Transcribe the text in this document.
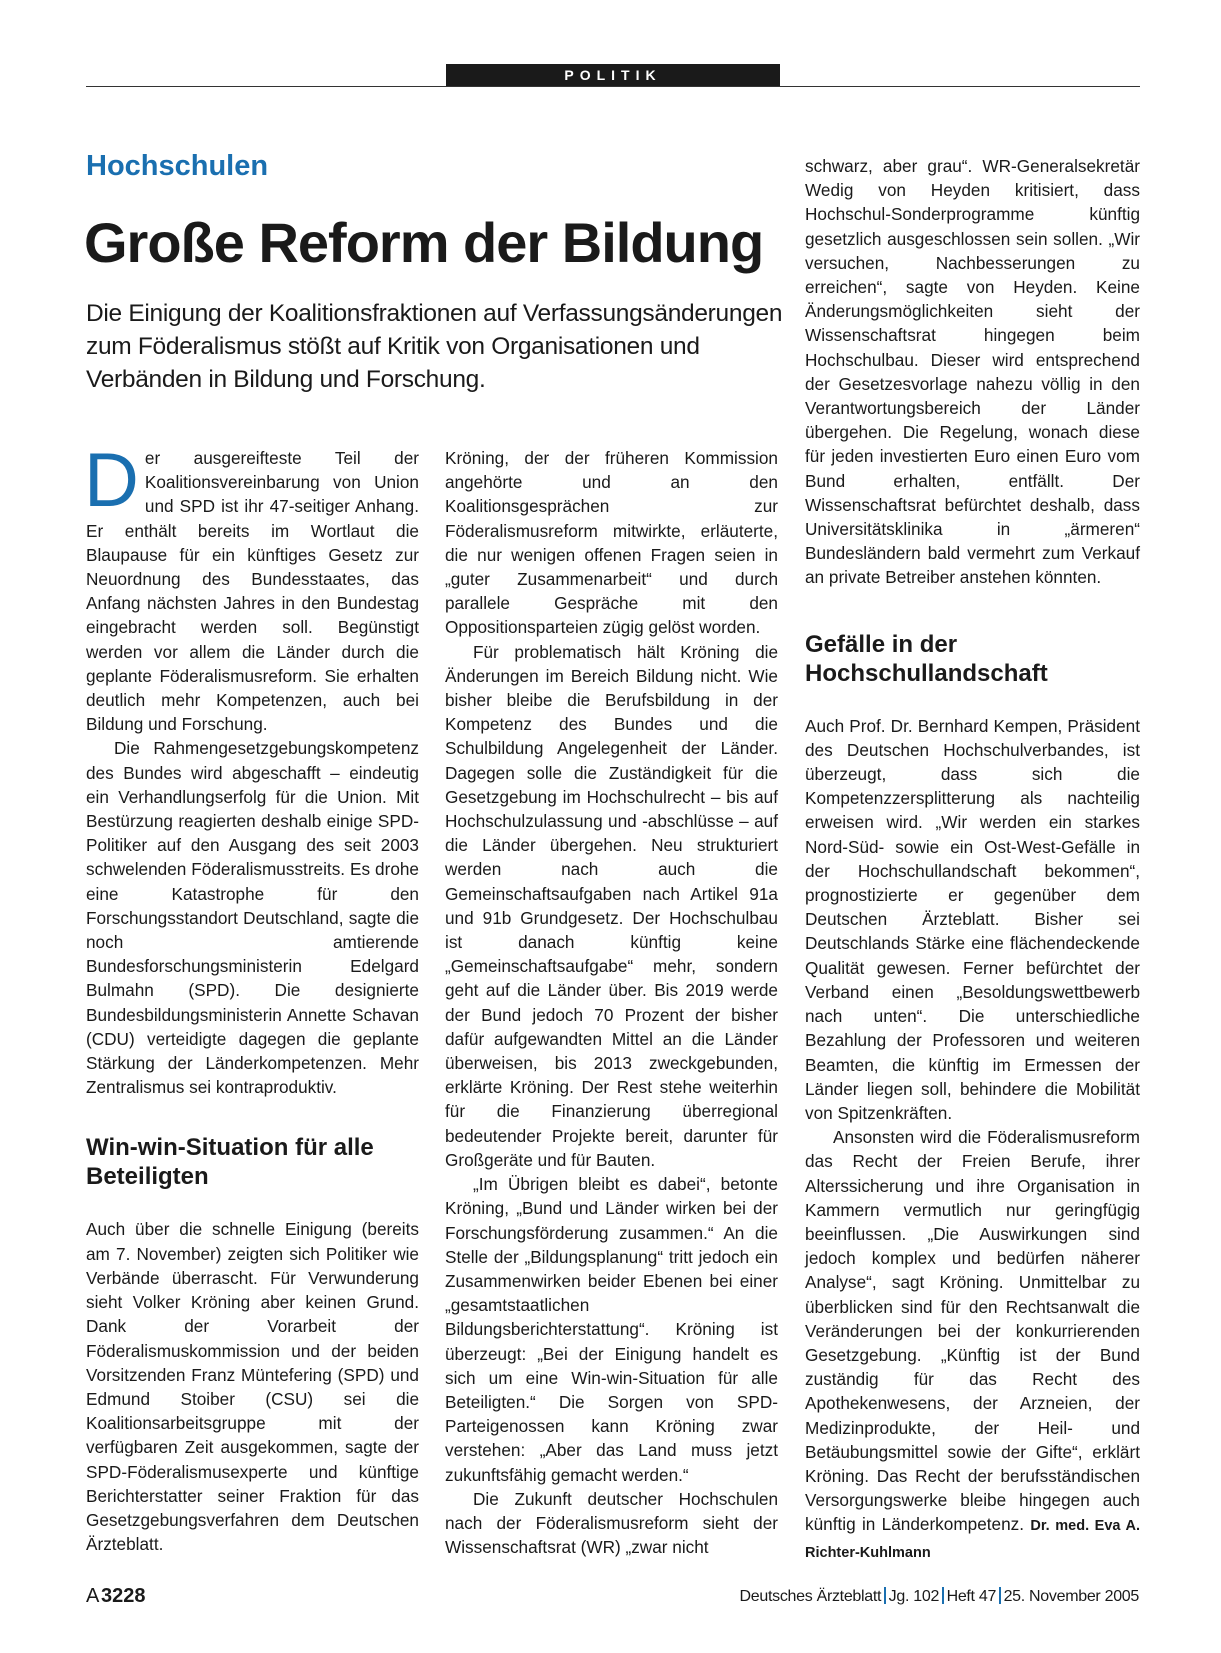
POLITIK
Hochschulen
Große Reform der Bildung
Die Einigung der Koalitionsfraktionen auf Verfassungsänderungen zum Föderalismus stößt auf Kritik von Organisationen und Verbänden in Bildung und Forschung.

Der ausgereifteste Teil der Koalitionsvereinbarung von Union und SPD ist ihr 47-seitiger Anhang. Er enthält bereits im Wortlaut die Blaupause für ein künftiges Gesetz zur Neuordnung des Bundesstaates, das Anfang nächsten Jahres in den Bundestag eingebracht werden soll. Begünstigt werden vor allem die Länder durch die geplante Föderalismusreform. Sie erhalten deutlich mehr Kompetenzen, auch bei Bildung und Forschung.

Die Rahmengesetzgebungskompetenz des Bundes wird abgeschafft – eindeutig ein Verhandlungserfolg für die Union. Mit Bestürzung reagierten deshalb einige SPD-Politiker auf den Ausgang des seit 2003 schwelenden Föderalismusstreits. Es drohe eine Katastrophe für den Forschungsstandort Deutschland, sagte die noch amtierende Bundesforschungsministerin Edelgard Bulmahn (SPD). Die designierte Bundesbildungsministerin Annette Schavan (CDU) verteidigte dagegen die geplante Stärkung der Länderkompetenzen. Mehr Zentralismus sei kontraproduktiv.

Win-win-Situation für alle Beteiligten

Auch über die schnelle Einigung (bereits am 7. November) zeigten sich Politiker wie Verbände überrascht. Für Verwunderung sieht Volker Kröning aber keinen Grund. Dank der Vorarbeit der Föderalismuskommission und der beiden Vorsitzenden Franz Müntefering (SPD) und Edmund Stoiber (CSU) sei die Koalitionsarbeitsgruppe mit der verfügbaren Zeit ausgekommen, sagte der SPD-Föderalismusexperte und künftige Berichterstatter seiner Fraktion für das Gesetzgebungsverfahren dem Deutschen Ärzteblatt.

Kröning, der der früheren Kommission angehörte und an den Koalitionsgesprächen zur Föderalismusreform mitwirkte, erläuterte, die nur wenigen offenen Fragen seien in „guter Zusammenarbeit“ und durch parallele Gespräche mit den Oppositionsparteien zügig gelöst worden.

Für problematisch hält Kröning die Änderungen im Bereich Bildung nicht. Wie bisher bleibe die Berufsbildung in der Kompetenz des Bundes und die Schulbildung Angelegenheit der Länder. Dagegen solle die Zuständigkeit für die Gesetzgebung im Hochschulrecht – bis auf Hochschulzulassung und -abschlüsse – auf die Länder übergehen. Neu strukturiert werden nach auch die Gemeinschaftsaufgaben nach Artikel 91a und 91b Grundgesetz. Der Hochschulbau ist danach künftig keine „Gemeinschaftsaufgabe“ mehr, sondern geht auf die Länder über. Bis 2019 werde der Bund jedoch 70 Prozent der bisher dafür aufgewandten Mittel an die Länder überweisen, bis 2013 zweckgebunden, erklärte Kröning. Der Rest stehe weiterhin für die Finanzierung überregional bedeutender Projekte bereit, darunter für Großgeräte und für Bauten.

„Im Übrigen bleibt es dabei“, betonte Kröning, „Bund und Länder wirken bei der Forschungsförderung zusammen.“ An die Stelle der „Bildungsplanung“ tritt jedoch ein Zusammenwirken beider Ebenen bei einer „gesamtstaatlichen Bildungsberichterstattung“. Kröning ist überzeugt: „Bei der Einigung handelt es sich um eine Win-win-Situation für alle Beteiligten.“ Die Sorgen von SPD-Parteigenossen kann Kröning zwar verstehen: „Aber das Land muss jetzt zukunftsfähig gemacht werden.“

Die Zukunft deutscher Hochschulen nach der Föderalismusreform sieht der Wissenschaftsrat (WR) „zwar nicht

schwarz, aber grau“. WR-Generalsekretär Wedig von Heyden kritisiert, dass Hochschul-Sonderprogramme künftig gesetzlich ausgeschlossen sein sollen. „Wir versuchen, Nachbesserungen zu erreichen“, sagte von Heyden. Keine Änderungsmöglichkeiten sieht der Wissenschaftsrat hingegen beim Hochschulbau. Dieser wird entsprechend der Gesetzesvorlage nahezu völlig in den Verantwortungsbereich der Länder übergehen. Die Regelung, wonach diese für jeden investierten Euro einen Euro vom Bund erhalten, entfällt. Der Wissenschaftsrat befürchtet deshalb, dass Universitätsklinika in „ärmeren“ Bundesländern bald vermehrt zum Verkauf an private Betreiber anstehen könnten.

Gefälle in der Hochschullandschaft

Auch Prof. Dr. Bernhard Kempen, Präsident des Deutschen Hochschulverbandes, ist überzeugt, dass sich die Kompetenzzersplitterung als nachteilig erweisen wird. „Wir werden ein starkes Nord-Süd- sowie ein Ost-West-Gefälle in der Hochschullandschaft bekommen“, prognostizierte er gegenüber dem Deutschen Ärzteblatt. Bisher sei Deutschlands Stärke eine flächendeckende Qualität gewesen. Ferner befürchtet der Verband einen „Besoldungswettbewerb nach unten“. Die unterschiedliche Bezahlung der Professoren und weiteren Beamten, die künftig im Ermessen der Länder liegen soll, behindere die Mobilität von Spitzenkräften.

Ansonsten wird die Föderalismusreform das Recht der Freien Berufe, ihrer Alterssicherung und ihre Organisation in Kammern vermutlich nur geringfügig beeinflussen. „Die Auswirkungen sind jedoch komplex und bedürfen näherer Analyse“, sagt Kröning. Unmittelbar zu überblicken sind für den Rechtsanwalt die Veränderungen bei der konkurrierenden Gesetzgebung. „Künftig ist der Bund zuständig für das Recht des Apothekenwesens, der Arzneien, der Medizinprodukte, der Heil- und Betäubungsmittel sowie der Gifte“, erklärt Kröning. Das Recht der berufsständischen Versorgungswerke bleibe hingegen auch künftig in Länderkompetenz. Dr. med. Eva A. Richter-Kuhlmann

A 3228	Deutsches Ärzteblatt Jg. 102 Heft 47 25. November 2005
